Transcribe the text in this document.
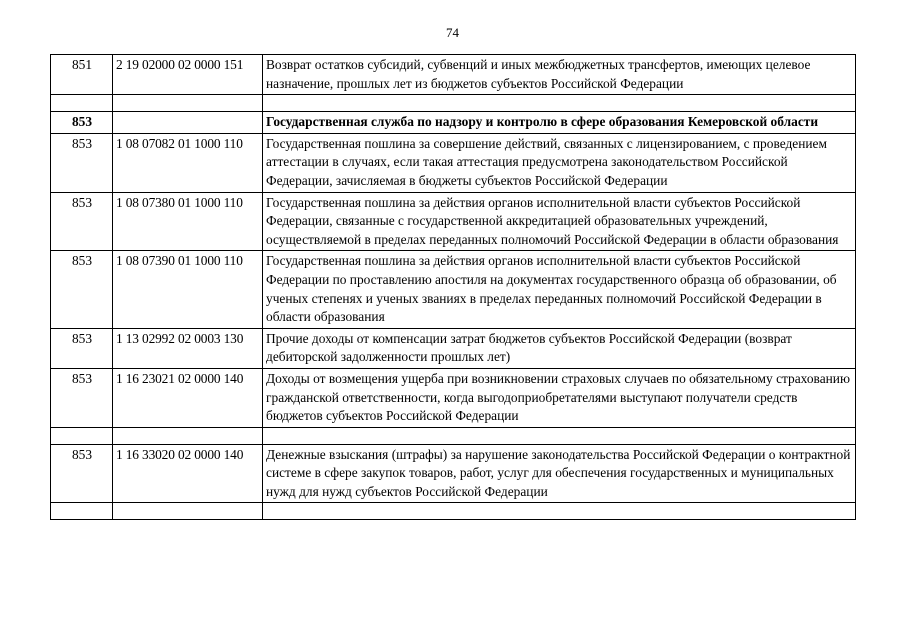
74
851	2 19 02000 02 0000 151	Возврат остатков субсидий, субвенций и иных межбюджетных трансфертов, имеющих целевое назначение, прошлых лет из бюджетов субъектов Российской Федерации

853		Государственная служба по надзору и контролю в сфере образования Кемеровской области
853	1 08 07082 01 1000 110	Государственная пошлина за совершение действий, связанных с лицензированием, с проведением аттестации в случаях, если такая аттестация предусмотрена законодательством Российской Федерации, зачисляемая в бюджеты субъектов Российской Федерации
853	1 08 07380 01 1000 110	Государственная пошлина за действия органов исполнительной власти субъектов Российской Федерации, связанные с государственной аккредитацией образовательных учреждений, осуществляемой в пределах переданных полномочий Российской Федерации в области образования
853	1 08 07390 01 1000 110	Государственная пошлина за действия органов исполнительной власти субъектов Российской Федерации по проставлению апостиля на документах государственного образца об образовании, об ученых степенях и ученых званиях в пределах переданных полномочий Российской Федерации в области образования
853	1 13 02992 02 0003 130	Прочие доходы от компенсации затрат бюджетов субъектов Российской Федерации (возврат дебиторской задолженности прошлых лет)
853	1 16 23021 02 0000 140	Доходы от возмещения ущерба при возникновении страховых случаев по обязательному страхованию гражданской ответственности, когда выгодоприобретателями выступают получатели средств бюджетов субъектов Российской Федерации

853	1 16 33020 02 0000 140	Денежные взыскания (штрафы) за нарушение законодательства Российской Федерации о контрактной системе в сфере закупок товаров, работ, услуг для обеспечения государственных и муниципальных нужд для нужд субъектов Российской Федерации
